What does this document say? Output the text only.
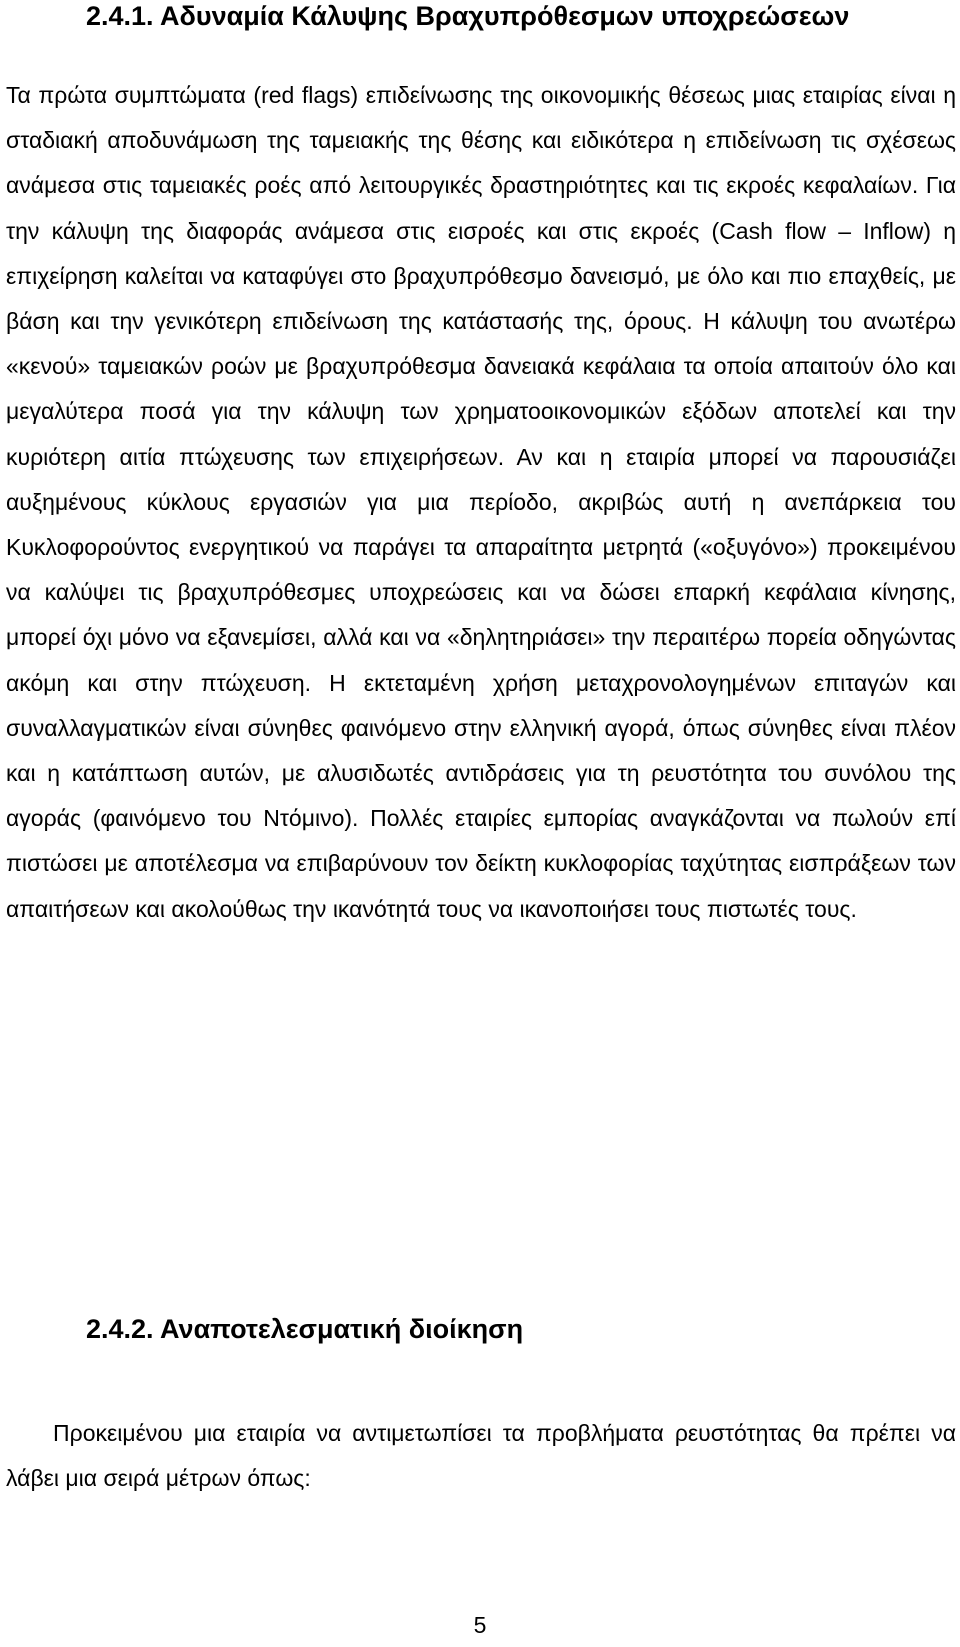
2.4.1. Αδυναμία Κάλυψης Βραχυπρόθεσμων υποχρεώσεων

Τα πρώτα συμπτώματα (red flags) επιδείνωσης της οικονομικής θέσεως μιας εταιρίας είναι η σταδιακή αποδυνάμωση της ταμειακής της θέσης και ειδικότερα η επιδείνωση τις σχέσεως ανάμεσα στις ταμειακές ροές από λειτουργικές δραστηριότητες και τις εκροές κεφαλαίων. Για την κάλυψη της διαφοράς ανάμεσα στις εισροές και στις εκροές (Cash flow – Inflow) η επιχείρηση καλείται να καταφύγει στο βραχυπρόθεσμο δανεισμό, με όλο και πιο επαχθείς, με βάση και την γενικότερη επιδείνωση της κατάστασής της, όρους. Η κάλυψη του ανωτέρω «κενού» ταμειακών ροών με βραχυπρόθεσμα δανειακά κεφάλαια τα οποία απαιτούν όλο και μεγαλύτερα ποσά για την κάλυψη των χρηματοοικονομικών εξόδων αποτελεί και την κυριότερη αιτία πτώχευσης των επιχειρήσεων. Αν και η εταιρία μπορεί να παρουσιάζει αυξημένους κύκλους εργασιών για μια περίοδο, ακριβώς αυτή η ανεπάρκεια του Κυκλοφορούντος ενεργητικού να παράγει τα απαραίτητα μετρητά («οξυγόνο») προκειμένου να καλύψει τις βραχυπρόθεσμες υποχρεώσεις και να δώσει επαρκή κεφάλαια κίνησης, μπορεί όχι μόνο να εξανεμίσει, αλλά και να «δηλητηριάσει» την περαιτέρω πορεία οδηγώντας ακόμη και στην πτώχευση. Η εκτεταμένη χρήση μεταχρονολογημένων επιταγών και συναλλαγματικών είναι σύνηθες φαινόμενο στην ελληνική αγορά, όπως σύνηθες είναι πλέον και η κατάπτωση αυτών, με αλυσιδωτές αντιδράσεις για τη ρευστότητα του συνόλου της αγοράς (φαινόμενο του Ντόμινο). Πολλές εταιρίες εμπορίας αναγκάζονται να πωλούν επί πιστώσει με αποτέλεσμα να επιβαρύνουν τον δείκτη κυκλοφορίας ταχύτητας εισπράξεων των απαιτήσεων και ακολούθως την ικανότητά τους να ικανοποιήσει τους πιστωτές τους.

2.4.2. Αναποτελεσματική διοίκηση

Προκειμένου μια εταιρία να αντιμετωπίσει τα προβλήματα ρευστότητας θα πρέπει να λάβει μια σειρά μέτρων όπως:

5
